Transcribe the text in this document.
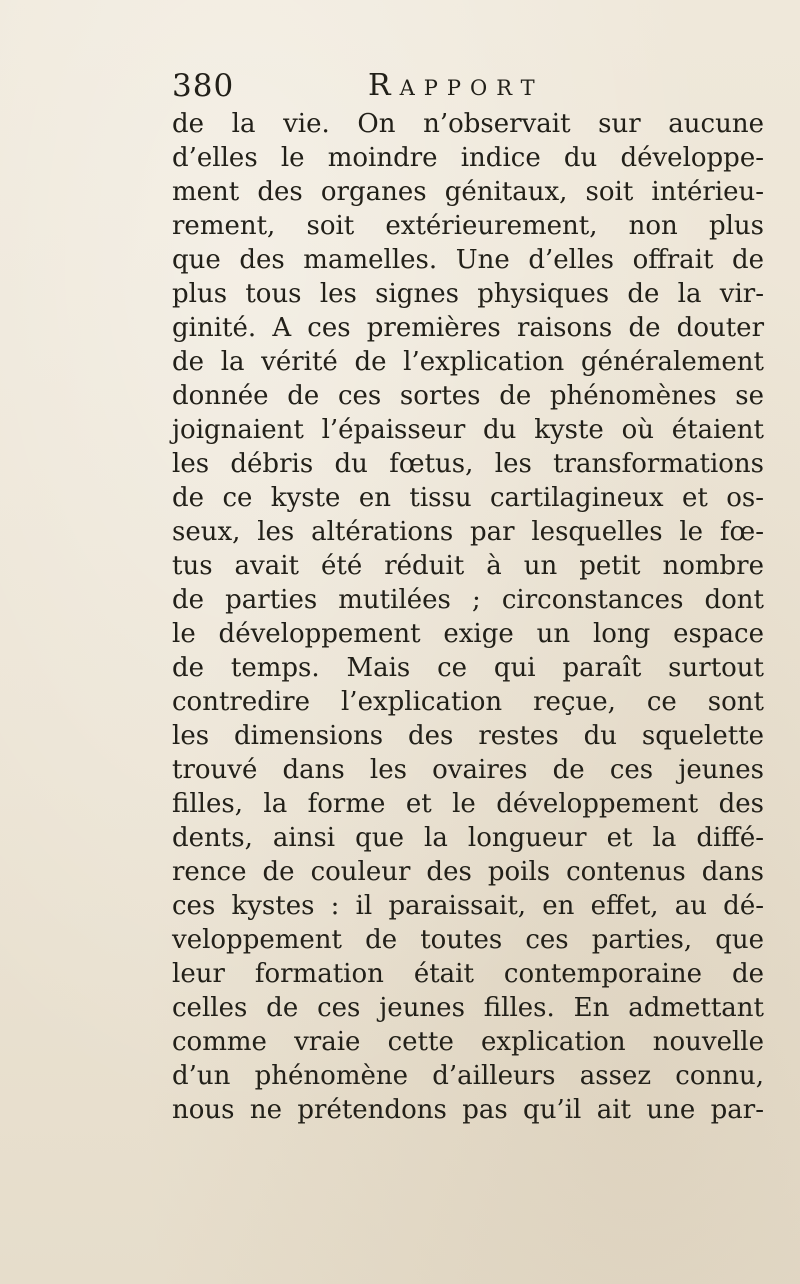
380	Rapport
de la vie. On n’observait sur aucune
d’elles le moindre indice du développe-
ment des organes génitaux, soit intérieu-
rement, soit extérieurement, non plus
que des mamelles. Une d’elles offrait de
plus tous les signes physiques de la vir-
ginité. A ces premières raisons de douter
de la vérité de l’explication généralement
donnée de ces sortes de phénomènes se
joignaient l’épaisseur du kyste où étaient
les débris du fœtus, les transformations
de ce kyste en tissu cartilagineux et os-
seux, les altérations par lesquelles le fœ-
tus avait été réduit à un petit nombre
de parties mutilées ; circonstances dont
le développement exige un long espace
de temps. Mais ce qui paraît surtout
contredire l’explication reçue, ce sont
les dimensions des restes du squelette
trouvé dans les ovaires de ces jeunes
filles, la forme et le développement des
dents, ainsi que la longueur et la diffé-
rence de couleur des poils contenus dans
ces kystes : il paraissait, en effet, au dé-
veloppement de toutes ces parties, que
leur formation était contemporaine de
celles de ces jeunes filles. En admettant
comme vraie cette explication nouvelle
d’un phénomène d’ailleurs assez connu,
nous ne prétendons pas qu’il ait une par-
